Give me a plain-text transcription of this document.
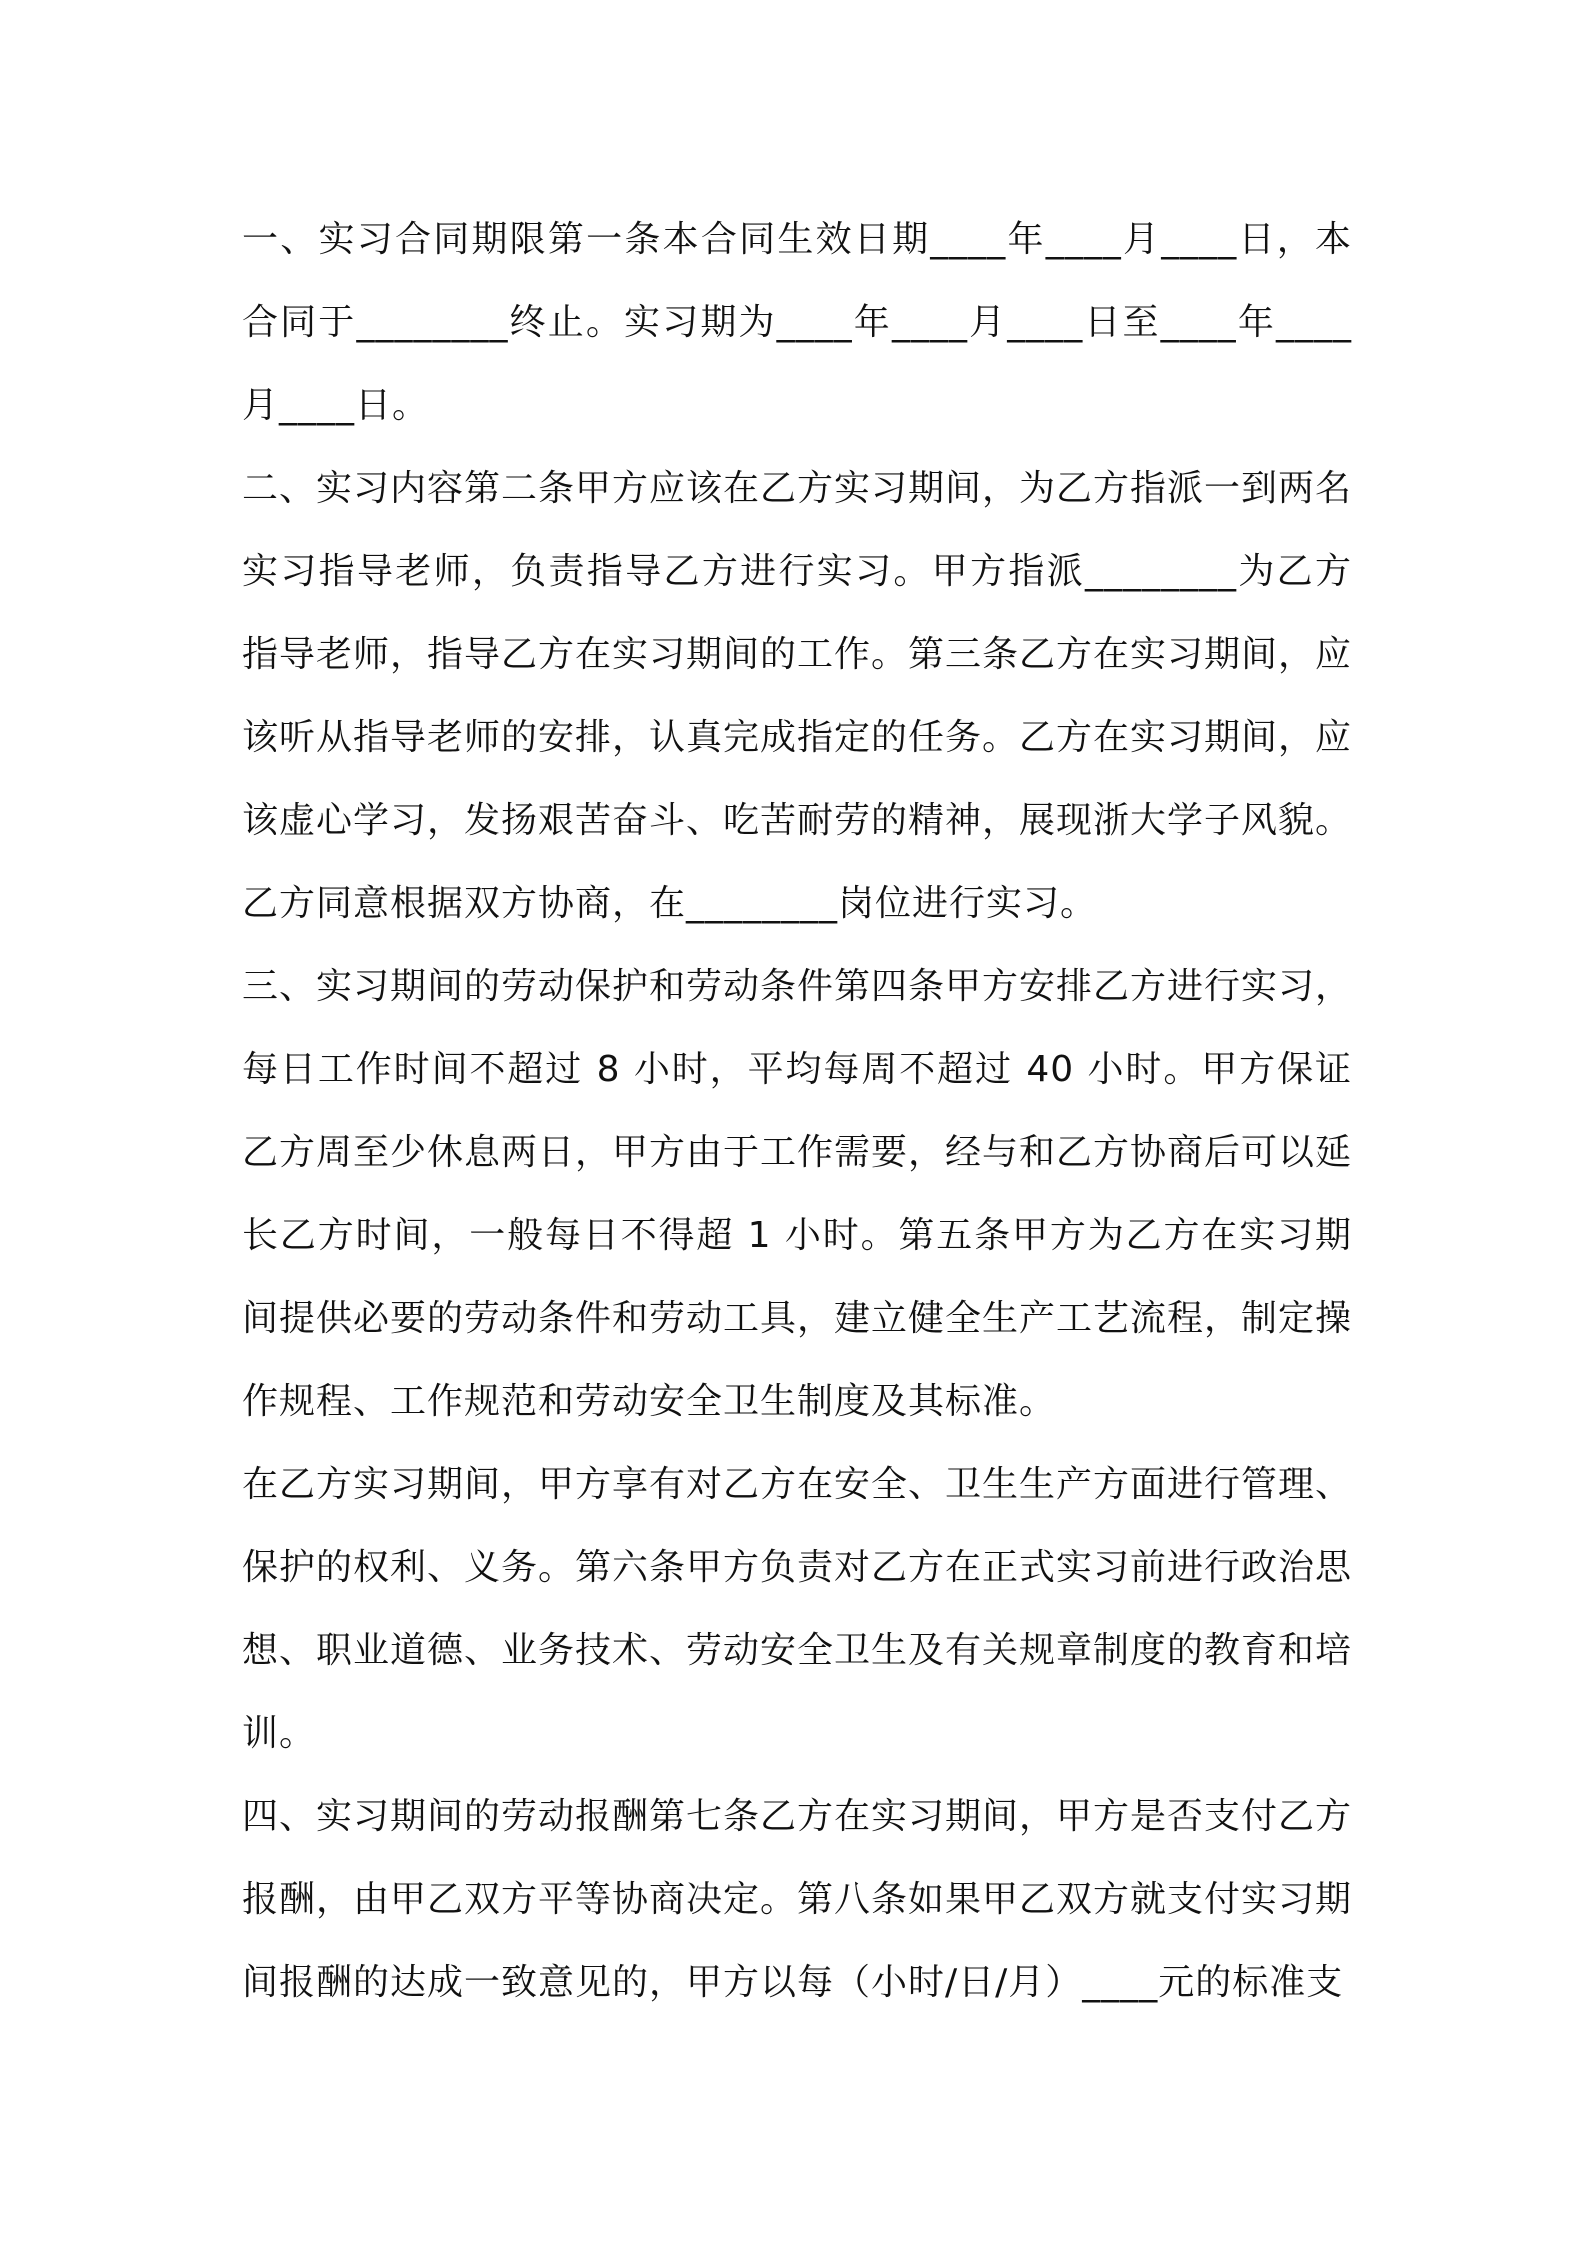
一、实习合同期限第一条本合同生效日期____年____月____日，本合同于________终止。实习期为____年____月____日至____年____月____日。

二、实习内容第二条甲方应该在乙方实习期间，为乙方指派一到两名实习指导老师，负责指导乙方进行实习。甲方指派________为乙方指导老师，指导乙方在实习期间的工作。第三条乙方在实习期间，应该听从指导老师的安排，认真完成指定的任务。乙方在实习期间，应该虚心学习，发扬艰苦奋斗、吃苦耐劳的精神，展现浙大学子风貌。乙方同意根据双方协商，在________岗位进行实习。

三、实习期间的劳动保护和劳动条件第四条甲方安排乙方进行实习，每日工作时间不超过 8 小时，平均每周不超过 40 小时。甲方保证乙方周至少休息两日，甲方由于工作需要，经与和乙方协商后可以延长乙方时间，一般每日不得超 1 小时。第五条甲方为乙方在实习期间提供必要的劳动条件和劳动工具，建立健全生产工艺流程，制定操作规程、工作规范和劳动安全卫生制度及其标准。

在乙方实习期间，甲方享有对乙方在安全、卫生生产方面进行管理、保护的权利、义务。第六条甲方负责对乙方在正式实习前进行政治思想、职业道德、业务技术、劳动安全卫生及有关规章制度的教育和培训。

四、实习期间的劳动报酬第七条乙方在实习期间，甲方是否支付乙方报酬，由甲乙双方平等协商决定。第八条如果甲乙双方就支付实习期间报酬的达成一致意见的，甲方以每（小时/日/月）____元的标准支
